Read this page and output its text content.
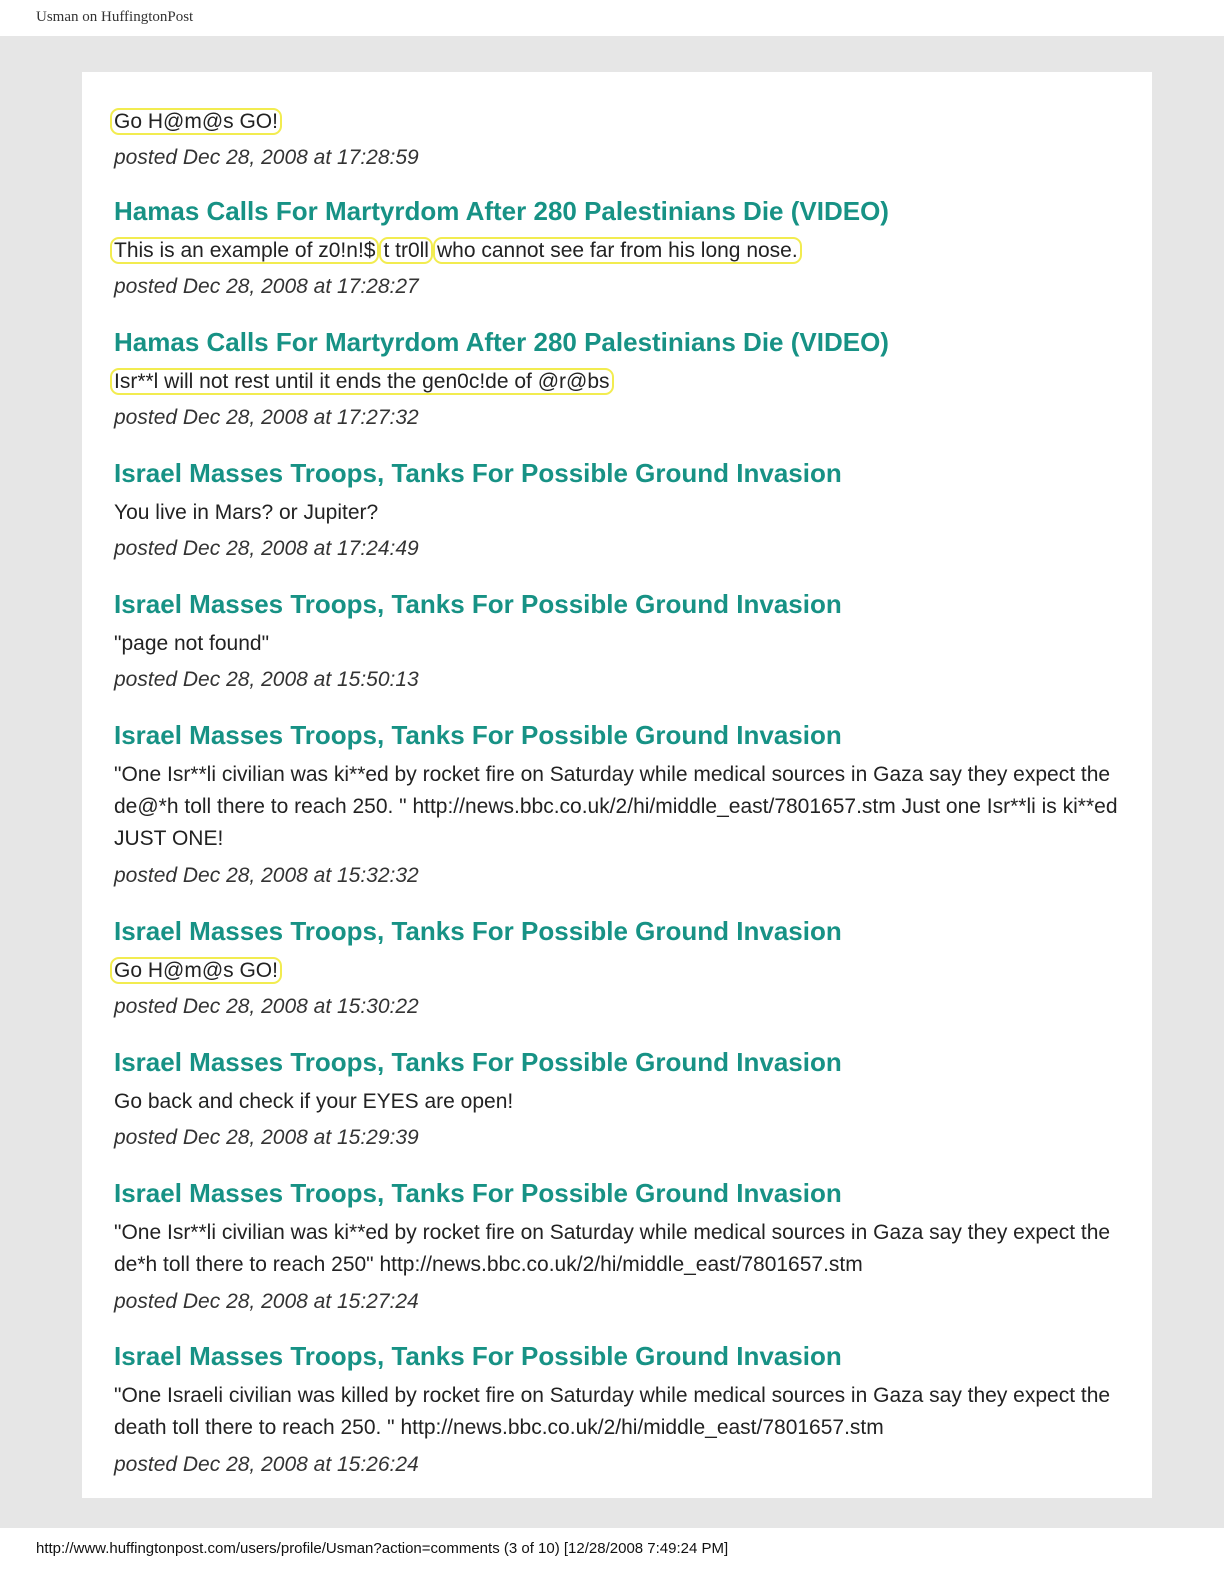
Usman on HuffingtonPost
Go H@m@s GO!
posted Dec 28, 2008 at 17:28:59
Hamas Calls For Martyrdom After 280 Palestinians Die (VIDEO)
This is an example of z0!n!$ t tr0ll who cannot see far from his long nose.
posted Dec 28, 2008 at 17:28:27
Hamas Calls For Martyrdom After 280 Palestinians Die (VIDEO)
Isr**l will not rest until it ends the gen0c!de of @r@bs
posted Dec 28, 2008 at 17:27:32
Israel Masses Troops, Tanks For Possible Ground Invasion
You live in Mars? or Jupiter?
posted Dec 28, 2008 at 17:24:49
Israel Masses Troops, Tanks For Possible Ground Invasion
"page not found"
posted Dec 28, 2008 at 15:50:13
Israel Masses Troops, Tanks For Possible Ground Invasion
"One Isr**li civilian was ki**ed by rocket fire on Saturday while medical sources in Gaza say they expect the de@*h toll there to reach 250. " http://news.bbc.co.uk/2/hi/middle_east/7801657.stm Just one Isr**li is ki**ed JUST ONE!
posted Dec 28, 2008 at 15:32:32
Israel Masses Troops, Tanks For Possible Ground Invasion
Go H@m@s GO!
posted Dec 28, 2008 at 15:30:22
Israel Masses Troops, Tanks For Possible Ground Invasion
Go back and check if your EYES are open!
posted Dec 28, 2008 at 15:29:39
Israel Masses Troops, Tanks For Possible Ground Invasion
"One Isr**li civilian was ki**ed by rocket fire on Saturday while medical sources in Gaza say they expect the de*h toll there to reach 250" http://news.bbc.co.uk/2/hi/middle_east/7801657.stm
posted Dec 28, 2008 at 15:27:24
Israel Masses Troops, Tanks For Possible Ground Invasion
"One Israeli civilian was killed by rocket fire on Saturday while medical sources in Gaza say they expect the death toll there to reach 250. " http://news.bbc.co.uk/2/hi/middle_east/7801657.stm
posted Dec 28, 2008 at 15:26:24
http://www.huffingtonpost.com/users/profile/Usman?action=comments (3 of 10) [12/28/2008 7:49:24 PM]
